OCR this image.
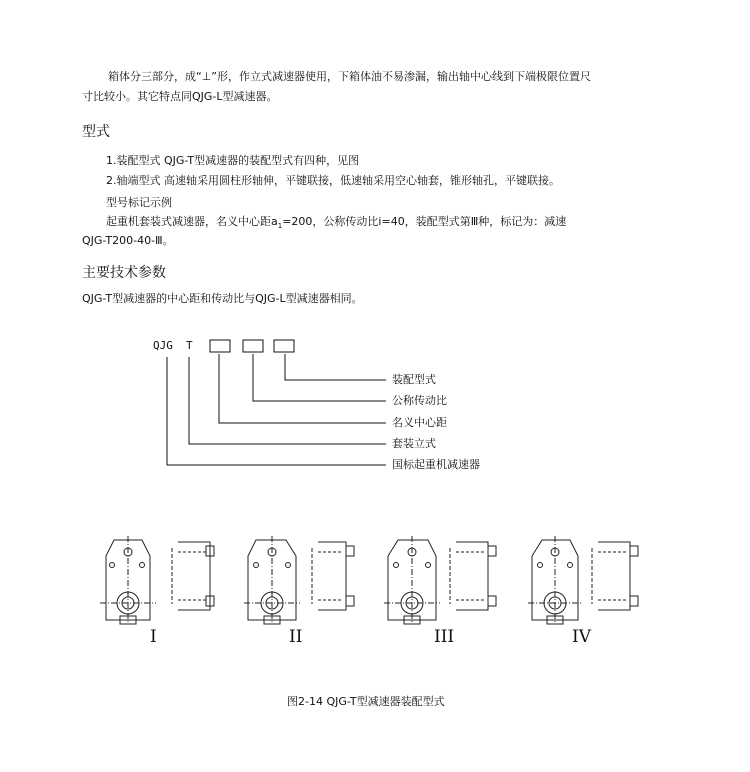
箱体分三部分，成“⊥”形，作立式减速器使用，下箱体油不易渗漏，输出轴中心线到下端极限位置尺
寸比较小。其它特点同QJG-L型减速器。
型式
1.装配型式 QJG-T型减速器的装配型式有四种，见图
2.轴端型式 高速轴采用圆柱形轴伸，平键联接，低速轴采用空心轴套，锥形轴孔，平键联接。
型号标记示例
起重机套装式减速器，名义中心距$a_1=200$，公称传动比i=40，装配型式第Ⅲ种，标记为：减速
QJG-T200-40-Ⅲ。
主要技术参数
QJG-T型减速器的中心距和传动比与QJG-L型减速器相同。
QJG T
装配型式
公称传动比
名义中心距
套装立式
国标起重机减速器
I	II	III	IV
图2-14 QJG-T型减速器装配型式
